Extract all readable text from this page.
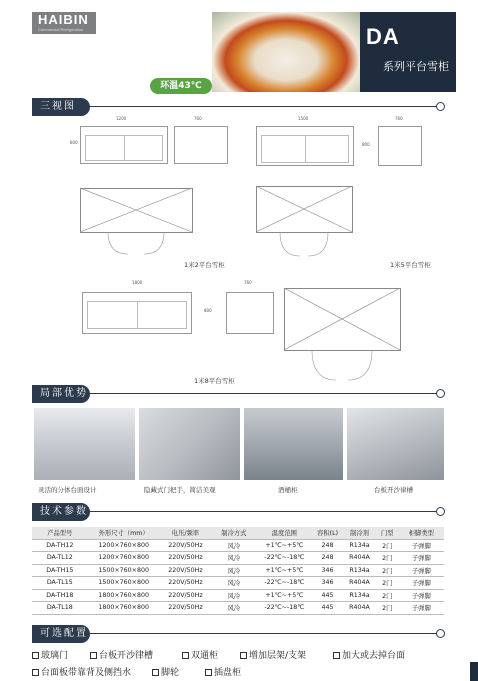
HAIBIN
Commercial Refrigeration	DA
系列平台雪柜
环温43℃
三视图
1200	760
800
1米2平台雪柜
1500	760
800
1米5平台雪柜
1800	760
800
1米8平台雪柜
局部优势
灵活的分体台面设计	隐藏式门把手，简洁美观	酒桶柜	台板开沙律槽
技术参数
产品型号	外形尺寸（mm）	电压/频率	制冷方式	温度范围	容积(L)	制冷剂	门型	柜脚类型
DA-TH12	1200×760×800	220V/50Hz	风冷	+1℃~+5℃	248	R134a	2门	子弹脚
DA-TL12	1200×760×800	220V/50Hz	风冷	-22℃~-18℃	248	R404A	2门	子弹脚
DA-TH15	1500×760×800	220V/50Hz	风冷	+1℃~+5℃	346	R134a	2门	子弹脚
DA-TL15	1500×760×800	220V/50Hz	风冷	-22℃~-18℃	346	R404A	2门	子弹脚
DA-TH18	1800×760×800	220V/50Hz	风冷	+1℃~+5℃	445	R134a	2门	子弹脚
DA-TL18	1800×760×800	220V/50Hz	风冷	-22℃~-18℃	445	R404A	2门	子弹脚
可选配置
玻璃门	台板开沙律槽	双通柜	增加层架/支架	加大或去掉台面
台面板带靠背及侧挡水	脚轮	插盘柜
